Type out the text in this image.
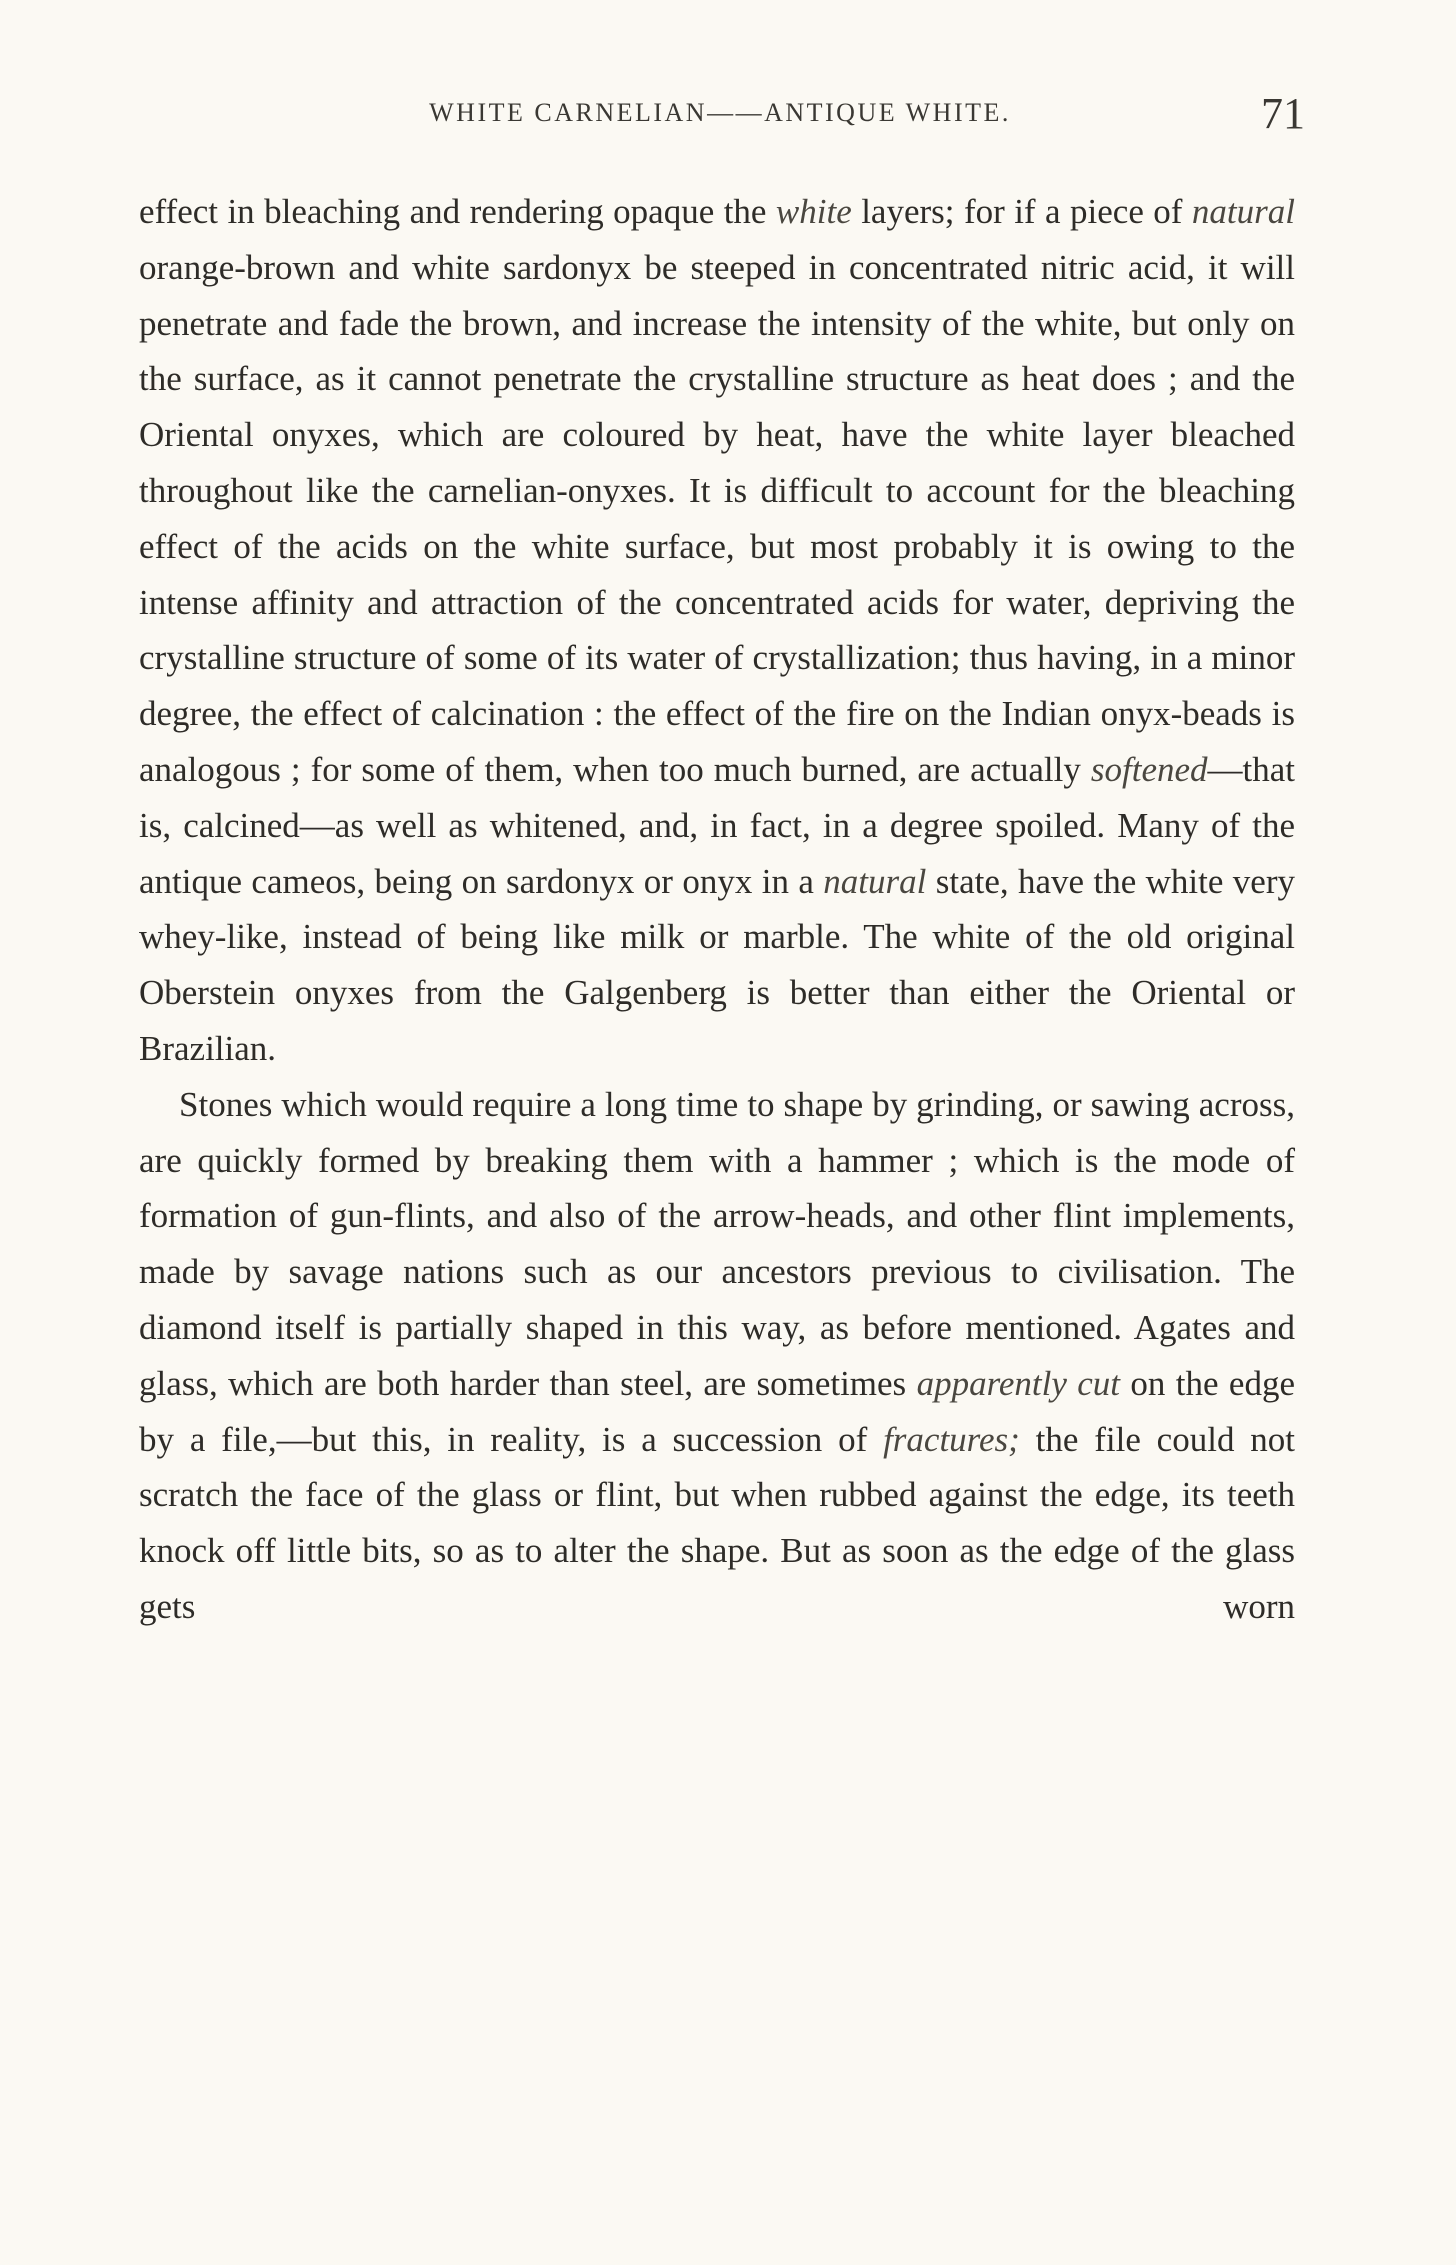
WHITE CARNELIAN——ANTIQUE WHITE.	71

effect in bleaching and rendering opaque the white layers; for if a piece of natural orange-brown and white sardonyx be steeped in concentrated nitric acid, it will penetrate and fade the brown, and increase the intensity of the white, but only on the surface, as it cannot penetrate the crystalline structure as heat does ; and the Oriental onyxes, which are coloured by heat, have the white layer bleached throughout like the carnelian-onyxes. It is difficult to account for the bleaching effect of the acids on the white surface, but most probably it is owing to the intense affinity and attraction of the concentrated acids for water, depriving the crystalline structure of some of its water of crystallization; thus having, in a minor degree, the effect of calcination : the effect of the fire on the Indian onyx-beads is analogous ; for some of them, when too much burned, are actually softened—that is, calcined—as well as whitened, and, in fact, in a degree spoiled. Many of the antique cameos, being on sardonyx or onyx in a natural state, have the white very whey-like, instead of being like milk or marble. The white of the old original Oberstein onyxes from the Galgenberg is better than either the Oriental or Brazilian.

Stones which would require a long time to shape by grinding, or sawing across, are quickly formed by breaking them with a hammer ; which is the mode of formation of gun-flints, and also of the arrow-heads, and other flint implements, made by savage nations such as our ancestors previous to civilisation. The diamond itself is partially shaped in this way, as before mentioned. Agates and glass, which are both harder than steel, are sometimes apparently cut on the edge by a file,—but this, in reality, is a succession of fractures; the file could not scratch the face of the glass or flint, but when rubbed against the edge, its teeth knock off little bits, so as to alter the shape. But as soon as the edge of the glass gets worn
